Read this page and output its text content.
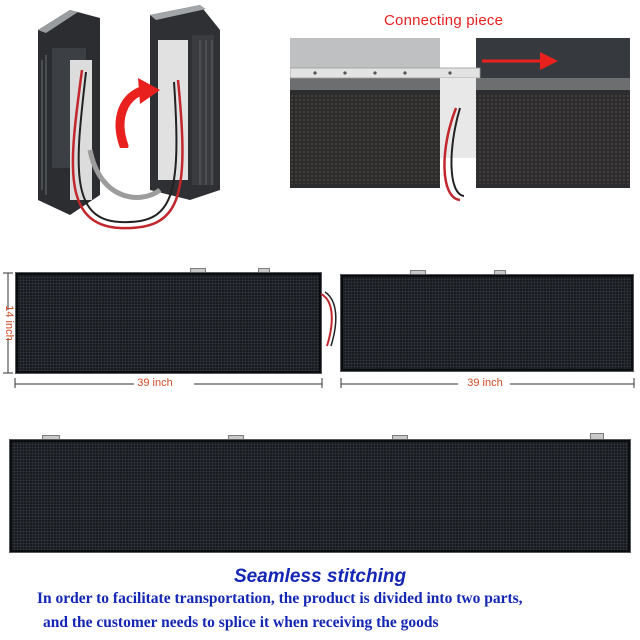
Connecting piece
14 inch
39 inch	39 inch
Seamless stitching
In order to facilitate transportation, the product is divided into two parts,
and the customer needs to splice it when receiving the goods
